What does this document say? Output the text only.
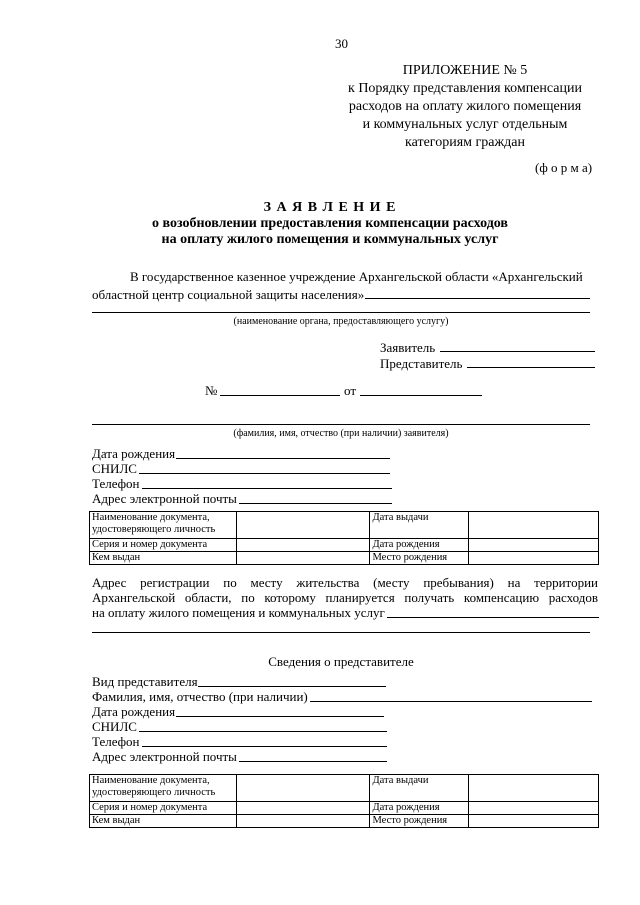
30
ПРИЛОЖЕНИЕ № 5
к Порядку представления компенсации
расходов на оплату жилого помещения
и коммунальных услуг отдельным
категориям граждан
(ф о р м а)
З А Я В Л Е Н И Е
о возобновлении предоставления компенсации расходов
на оплату жилого помещения и коммунальных услуг
В государственное казенное учреждение Архангельской области «Архангельский
областной центр социальной защиты населения»
(наименование органа, предоставляющего услугу)
Заявитель
Представитель
№	от
(фамилия, имя, отчество (при наличии) заявителя)
Дата рождения
СНИЛС
Телефон
Адрес электронной почты
Наименование документа, удостоверяющего личность		Дата выдачи	
Серия и номер документа		Дата рождения	
Кем выдан		Место рождения	
Адрес регистрации по месту жительства (месту пребывания) на территории
Архангельской области, по которому планируется получать компенсацию расходов
на оплату жилого помещения и коммунальных услуг
Сведения о представителе
Вид представителя
Фамилия, имя, отчество (при наличии)
Дата рождения
СНИЛС
Телефон
Адрес электронной почты
Наименование документа, удостоверяющего личность		Дата выдачи	
Серия и номер документа		Дата рождения	
Кем выдан		Место рождения	
